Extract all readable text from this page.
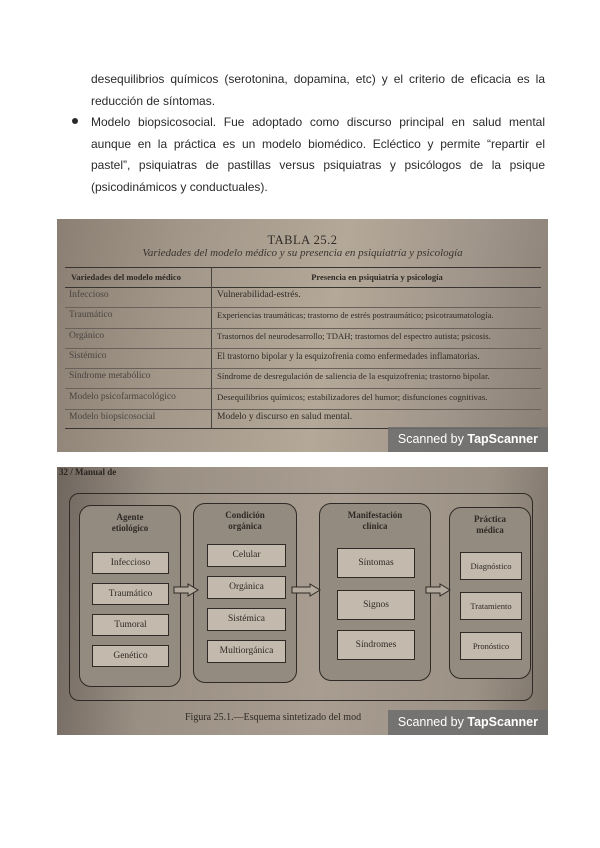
desequilibrios químicos (serotonina, dopamina, etc) y el criterio de eficacia es la
reducción de síntomas.
Modelo biopsicosocial. Fue adoptado como discurso principal en salud mental
aunque en la práctica es un modelo biomédico. Ecléctico y permite “repartir el
pastel”, psiquiatras de pastillas versus psiquiatras y psicólogos de la psique
(psicodinámicos y conductuales).
TABLA 25.2
Variedades del modelo médico y su presencia en psiquiatría y psicología
Variedades del modelo médico	Presencia en psiquiatría y psicología
Infeccioso	Vulnerabilidad-estrés.
Traumático	Experiencias traumáticas; trastorno de estrés postraumático; psicotraumatología.
Orgánico	Trastornos del neurodesarrollo; TDAH; trastornos del espectro autista; psicosis.
Sistémico	El trastorno bipolar y la esquizofrenia como enfermedades inflamatorias.
Síndrome metabólico	Síndrome de desregulación de saliencia de la esquizofrenia; trastorno bipolar.
Modelo psicofarmacológico	Desequilibrios químicos; estabilizadores del humor; disfunciones cognitivas.
Modelo biopsicosocial	Modelo y discurso en salud mental.
Scanned by TapScanner
32 / Manual de
Agente etiológico
Infeccioso
Traumático
Tumoral
Genético
Condición orgánica
Celular
Orgánica
Sistémica
Multiorgánica
Manifestación clínica
Síntomas
Signos
Síndromes
Práctica médica
Diagnóstico
Tratamiento
Pronóstico
Figura 25.1.—Esquema sintetizado del mod	Scanned by TapScanner
